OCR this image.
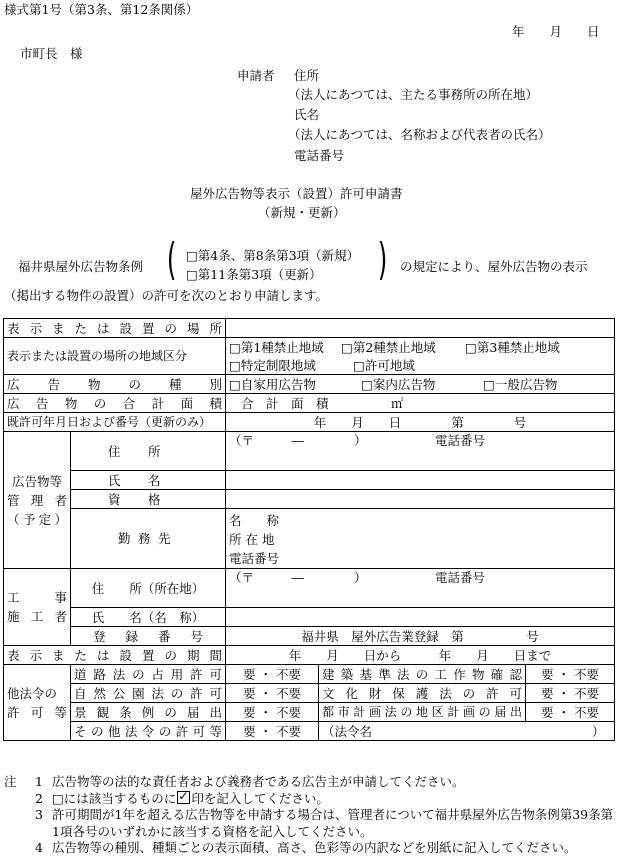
様式第1号（第3条、第12条関係）
年　　月　　日
市町長　様
申請者 住所
（法人にあつては、主たる事務所の所在地）
氏名
（法人にあつては、名称および代表者の氏名）
電話番号
屋外広告物等表示（設置）許可申請書
（新規・更新）
福井県屋外広告物条例 ( □第4条、第8条第3項（新規）
□第11条第3項（更新） ) の規定により、屋外広告物の表示
（掲出する物件の設置）の許可を次のとおり申請します。
表示または設置の場所				
表示または設置の場所の地域区分		□第1種禁止地域 □第2種禁止地域 □第3種禁止地域		
		□特定制限地域 □許可地域		
広告物の種別		□自家用広告物 □案内広告物 □一般広告物		
広告物の合計面積		合　計　面　積 ㎡		
既許可年月日および番号（更新のみ）		年　　月　　日　　　　第　　　　号		

広告物等
管理者
（予定）	住所	（〒　　　―　　　　） 電話番号		
	氏名			
	資格			
	勤務先	名　　称
所 在 地
電話番号		

工　　事
施 工 者	住　　所（所在地）	（〒　　　―　　　　） 電話番号		
	氏　　名（名　称）			
	登録番号	福井県　屋外広告業登録　第　　　　　号		
表示または設置の期間		年　　月　　日から　　　年　　月　　日まで		

他法令の
許可等	道路法の占用許可	要 ・ 不要	建築基準法の工作物確認	要 ・ 不要
	自然公園法の許可	要 ・ 不要	文化財保護法の許可	要 ・ 不要
	景観条例の届出	要 ・ 不要	都市計画法の地区計画の届出	要 ・ 不要
	その他法令の許可等	要 ・ 不要	（法令名 ）	
注	1 広告物等の法的な責任者および義務者である広告主が申請してください。
2 □には該当するものに ✓ 印を記入してください。
3 許可期間が1年を超える広告物等を申請する場合は、管理者について福井県屋外広告物条例第39条第1項各号のいずれかに該当する資格を記入してください。
4 広告物等の種別、種類ごとの表示面積、高さ、色彩等の内訳などを別紙に記入してください。
